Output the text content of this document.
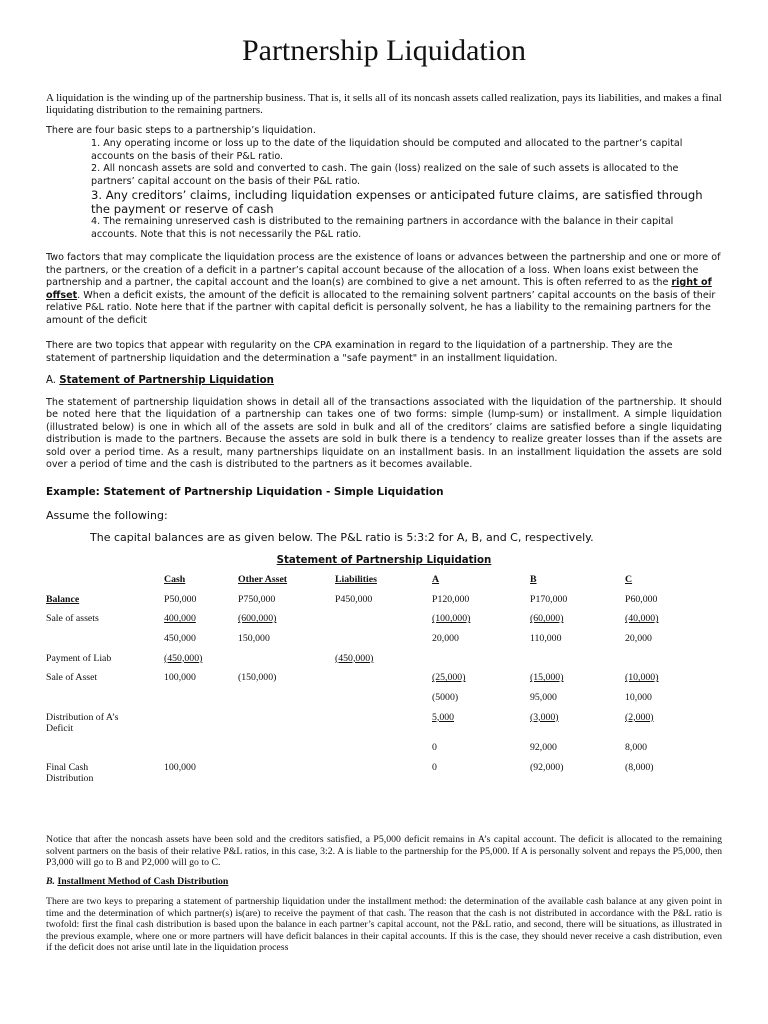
Partnership Liquidation
A liquidation is the winding up of the partnership business. That is, it sells all of its noncash assets called realization, pays its liabilities, and makes a final liquidating distribution to the remaining partners.
There are four basic steps to a partnership’s liquidation.
1. Any operating income or loss up to the date of the liquidation should be computed and allocated to the partner’s capital accounts on the basis of their P&L ratio.
2. All noncash assets are sold and converted to cash. The gain (loss) realized on the sale of such assets is allocated to the partners’ capital account on the basis of their P&L ratio.
3. Any creditors’ claims, including liquidation expenses or anticipated future claims, are satisfied through the payment or reserve of cash
4. The remaining unreserved cash is distributed to the remaining partners in accordance with the balance in their capital accounts. Note that this is not necessarily the P&L ratio.
Two factors that may complicate the liquidation process are the existence of loans or advances between the partnership and one or more of the partners, or the creation of a deficit in a partner’s capital account because of the allocation of a loss. When loans exist between the partnership and a partner, the capital account and the loan(s) are combined to give a net amount. This is often referred to as the right of offset. When a deficit exists, the amount of the deficit is allocated to the remaining solvent partners’ capital accounts on the basis of their relative P&L ratio. Note here that if the partner with capital deficit is personally solvent, he has a liability to the remaining partners for the amount of the deficit
There are two topics that appear with regularity on the CPA examination in regard to the liquidation of a partnership. They are the statement of partnership liquidation and the determination a "safe payment" in an installment liquidation.
A. Statement of Partnership Liquidation
The statement of partnership liquidation shows in detail all of the transactions associated with the liquidation of the partnership. It should be noted here that the liquidation of a partnership can takes one of two forms: simple (lump-sum) or installment. A simple liquidation (illustrated below) is one in which all of the assets are sold in bulk and all of the creditors’ claims are satisfied before a single liquidating distribution is made to the partners. Because the assets are sold in bulk there is a tendency to realize greater losses than if the assets are sold over a period time. As a result, many partnerships liquidate on an installment basis. In an installment liquidation the assets are sold over a period of time and the cash is distributed to the partners as it becomes available.
Example: Statement of Partnership Liquidation - Simple Liquidation
Assume the following:
The capital balances are as given below. The P&L ratio is 5:3:2 for A, B, and C, respectively.
Statement of Partnership Liquidation
	Cash	Other Asset	Liabilities	A	B	C
Balance	P50,000	P750,000	P450,000	P120,000	P170,000	P60,000
Sale of assets	400,000	(600,000)		(100,000)	(60,000)	(40,000)
	450,000	150,000		20,000	110,000	20,000
Payment of Liab	(450,000)		(450,000)			
Sale of Asset	100,000	(150,000)		(25,000)	(15,000)	(10,000)
				(5000)	95,000	10,000
Distribution of A’s Deficit				5,000	(3,000)	(2,000)
				0	92,000	8,000
Final Cash Distribution	100,000			0	(92,000)	(8,000)
Notice that after the noncash assets have been sold and the creditors satisfied, a P5,000 deficit remains in A’s capital account. The deficit is allocated to the remaining solvent partners on the basis of their relative P&L ratios, in this case, 3:2. A is liable to the partnership for the P5,000. If A is personally solvent and repays the P5,000, then P3,000 will go to B and P2,000 will go to C.
B. Installment Method of Cash Distribution
There are two keys to preparing a statement of partnership liquidation under the installment method: the determination of the available cash balance at any given point in time and the determination of which partner(s) is(are) to receive the payment of that cash. The reason that the cash is not distributed in accordance with the P&L ratio is twofold: first the final cash distribution is based upon the balance in each partner’s capital account, not the P&L ratio, and second, there will be situations, as illustrated in the previous example, where one or more partners will have deficit balances in their capital accounts. If this is the case, they should never receive a cash distribution, even if the deficit does not arise until late in the liquidation process
